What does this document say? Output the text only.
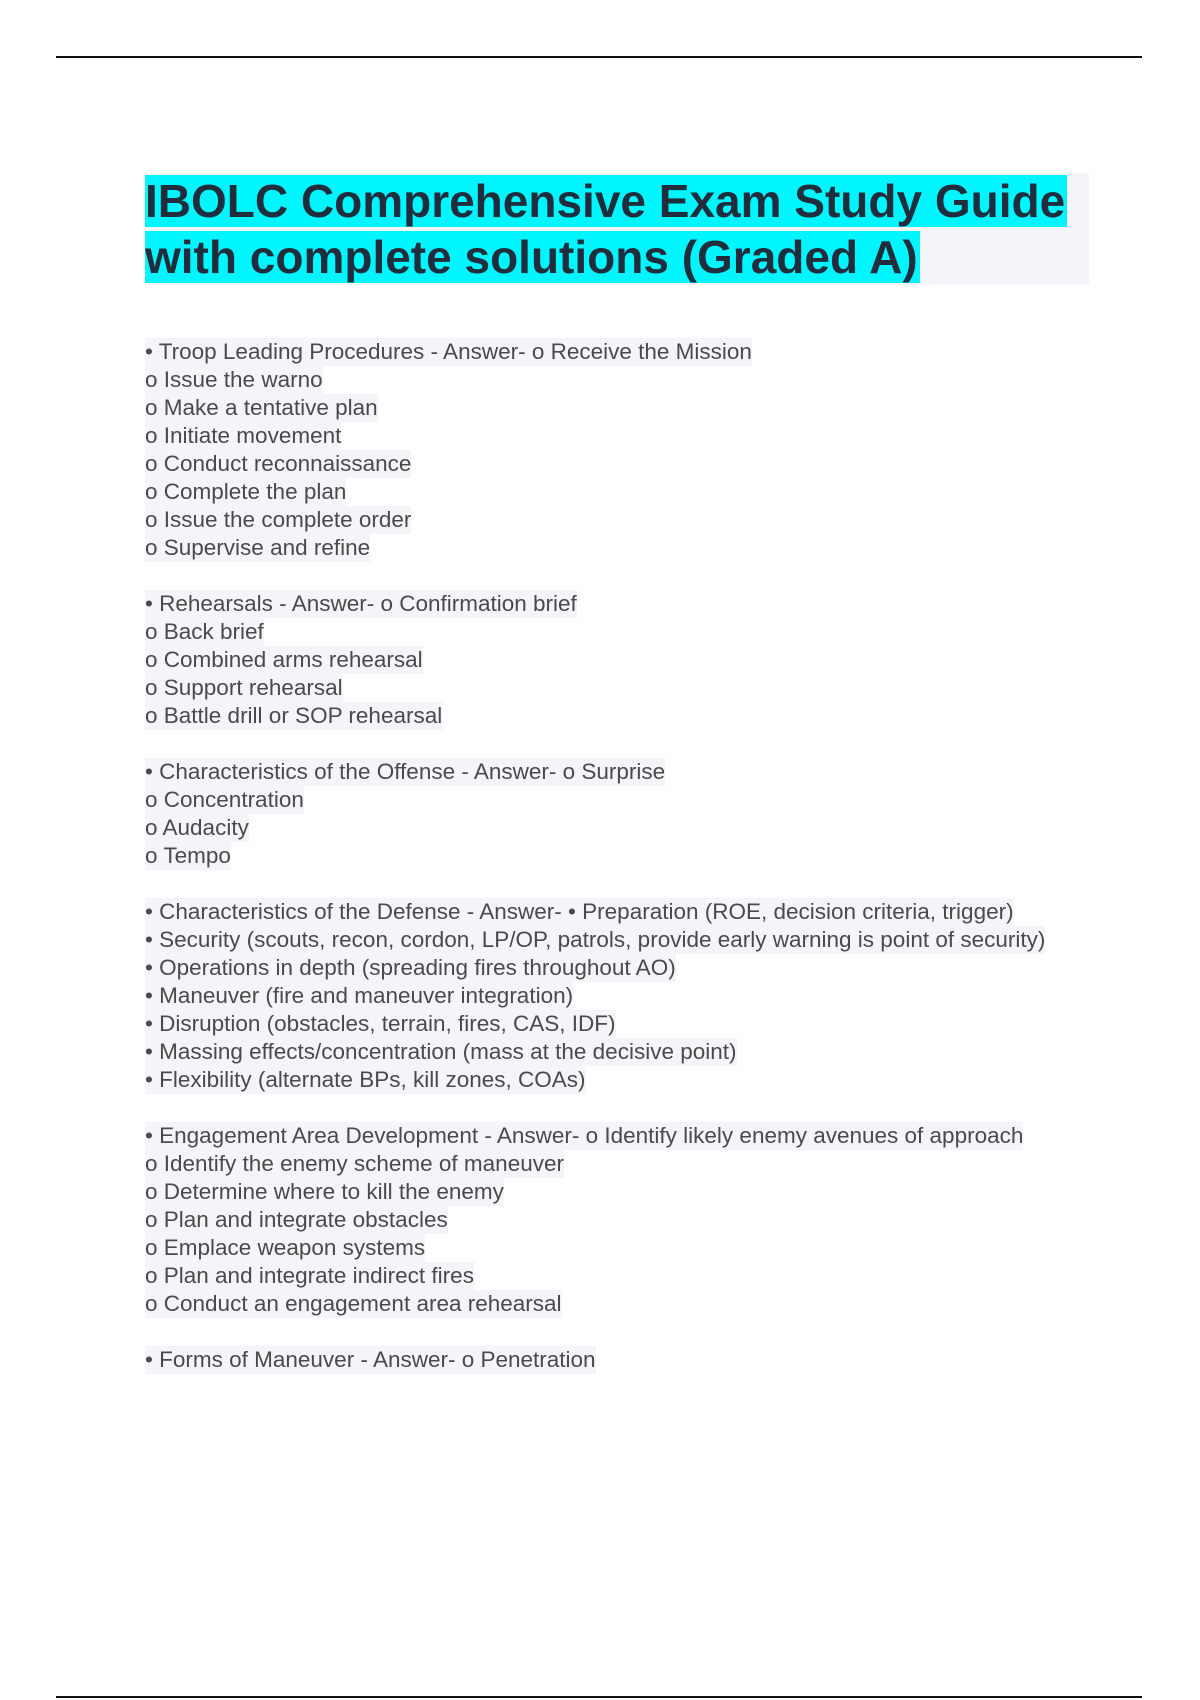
IBOLC Comprehensive Exam Study Guide with complete solutions (Graded A)
• Troop Leading Procedures - Answer- o Receive the Mission
o Issue the warno
o Make a tentative plan
o Initiate movement
o Conduct reconnaissance
o Complete the plan
o Issue the complete order
o Supervise and refine
• Rehearsals - Answer- o Confirmation brief
o Back brief
o Combined arms rehearsal
o Support rehearsal
o Battle drill or SOP rehearsal
• Characteristics of the Offense - Answer- o Surprise
o Concentration
o Audacity
o Tempo
• Characteristics of the Defense - Answer- • Preparation (ROE, decision criteria, trigger)
• Security (scouts, recon, cordon, LP/OP, patrols, provide early warning is point of security)
• Operations in depth (spreading fires throughout AO)
• Maneuver (fire and maneuver integration)
• Disruption (obstacles, terrain, fires, CAS, IDF)
• Massing effects/concentration (mass at the decisive point)
• Flexibility (alternate BPs, kill zones, COAs)
• Engagement Area Development - Answer- o Identify likely enemy avenues of approach
o Identify the enemy scheme of maneuver
o Determine where to kill the enemy
o Plan and integrate obstacles
o Emplace weapon systems
o Plan and integrate indirect fires
o Conduct an engagement area rehearsal
• Forms of Maneuver - Answer- o Penetration
